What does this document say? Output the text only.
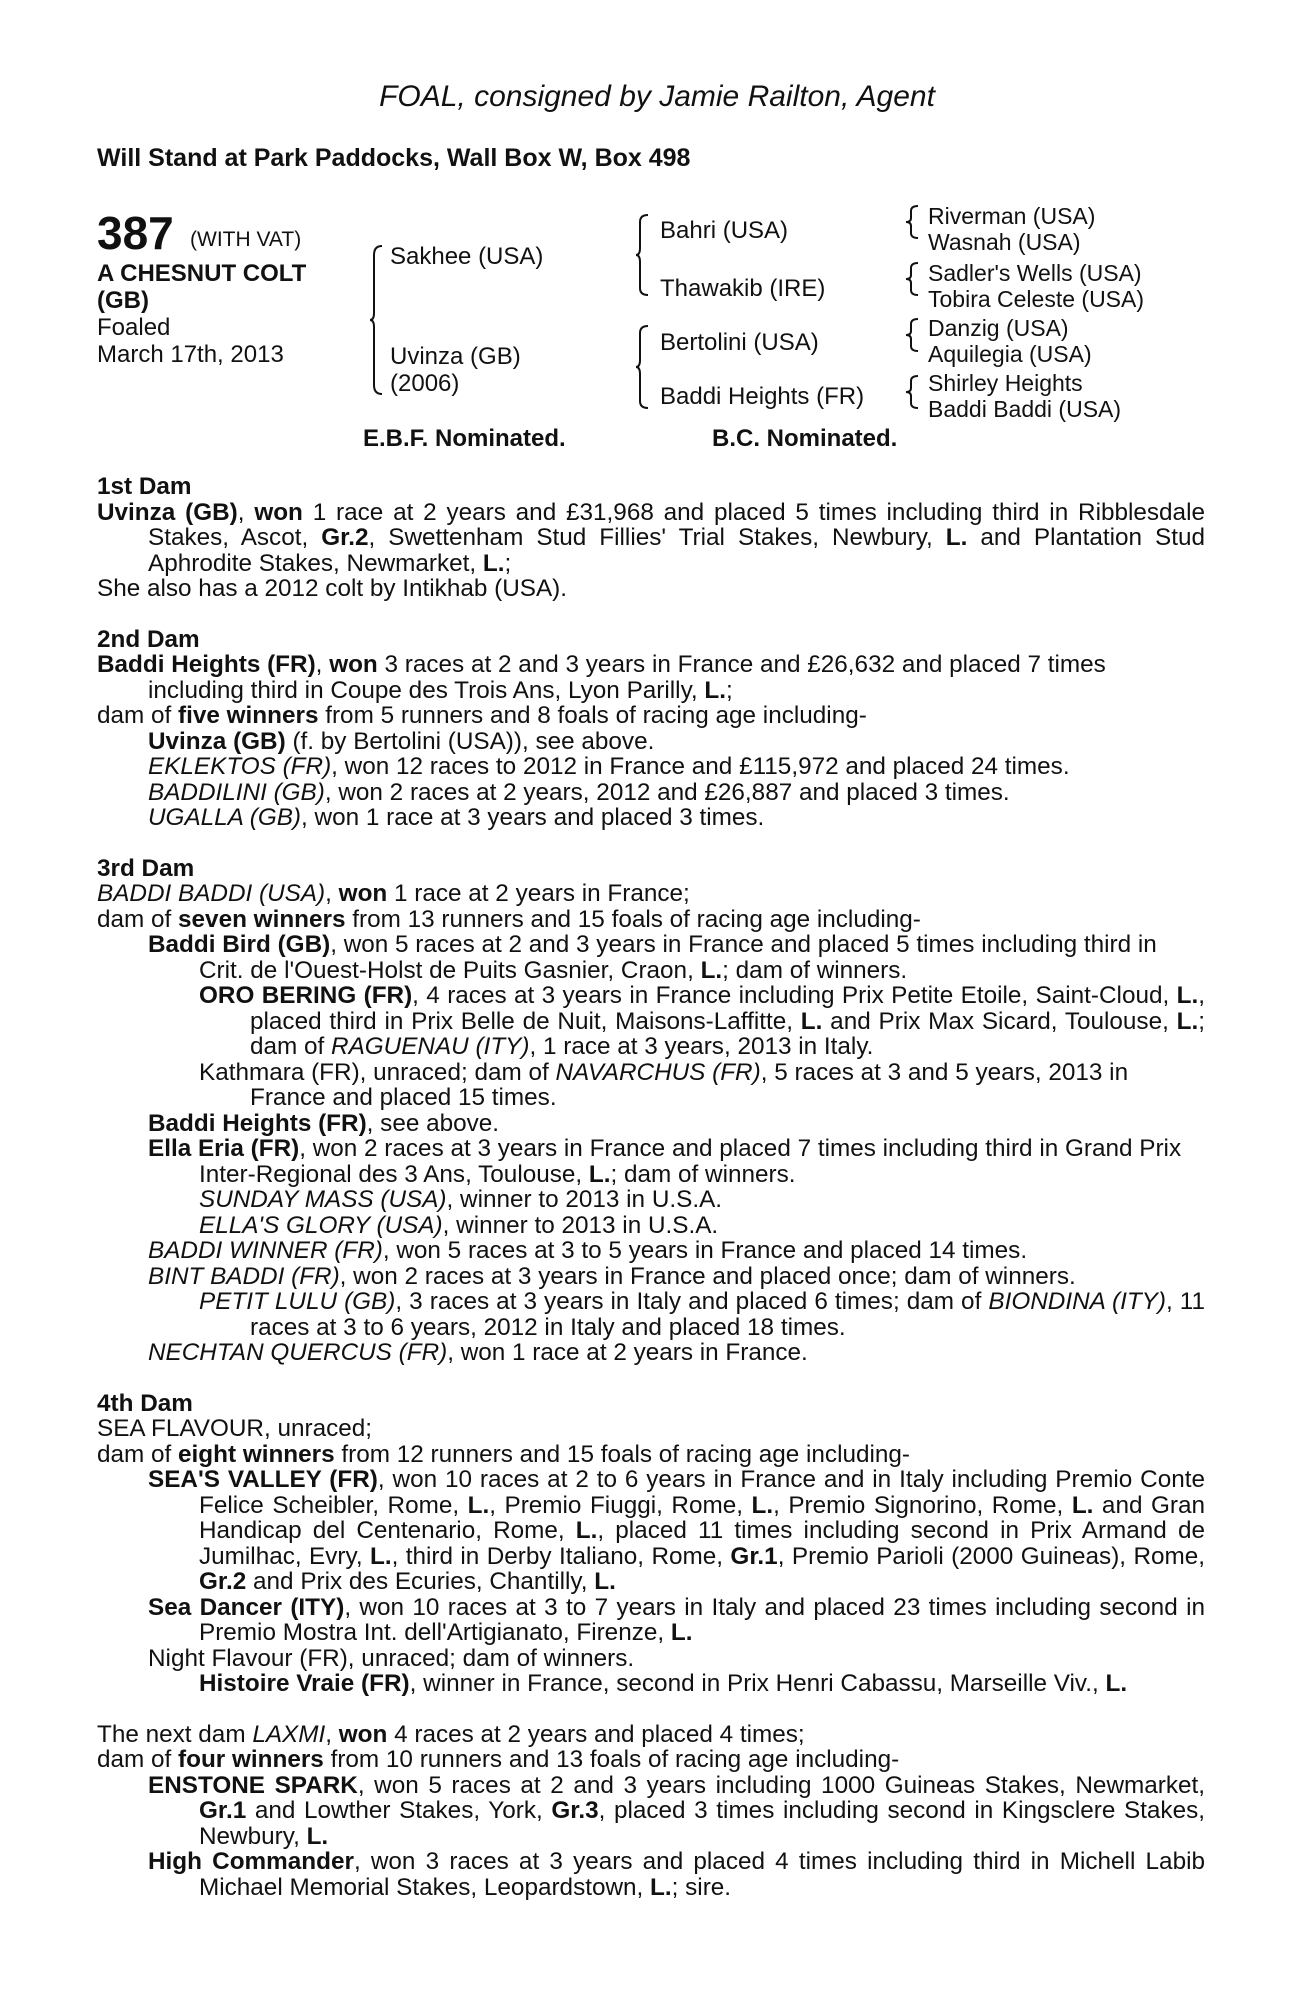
FOAL, consigned by Jamie Railton, Agent
Will Stand at Park Paddocks, Wall Box W, Box 498
387 (WITH VAT)
A CHESNUT COLT
(GB)
Foaled
March 17th, 2013
Sakhee (USA)
Uvinza (GB)
(2006)
Bahri (USA)
Thawakib (IRE)
Bertolini (USA)
Baddi Heights (FR)
Riverman (USA)
Wasnah (USA)
Sadler's Wells (USA)
Tobira Celeste (USA)
Danzig (USA)
Aquilegia (USA)
Shirley Heights
Baddi Baddi (USA)
E.B.F. Nominated.	B.C. Nominated.
1st Dam

Uvinza (GB), won 1 race at 2 years and £31,968 and placed 5 times including third in Ribblesdale Stakes, Ascot, Gr.2, Swettenham Stud Fillies' Trial Stakes, Newbury, L. and Plantation Stud Aphrodite Stakes, Newmarket, L.;

She also has a 2012 colt by Intikhab (USA).

2nd Dam

Baddi Heights (FR), won 3 races at 2 and 3 years in France and £26,632 and placed 7 times including third in Coupe des Trois Ans, Lyon Parilly, L.;

dam of five winners from 5 runners and 8 foals of racing age including-

Uvinza (GB) (f. by Bertolini (USA)), see above.

EKLEKTOS (FR), won 12 races to 2012 in France and £115,972 and placed 24 times.

BADDILINI (GB), won 2 races at 2 years, 2012 and £26,887 and placed 3 times.

UGALLA (GB), won 1 race at 3 years and placed 3 times.

3rd Dam

BADDI BADDI (USA), won 1 race at 2 years in France;

dam of seven winners from 13 runners and 15 foals of racing age including-

Baddi Bird (GB), won 5 races at 2 and 3 years in France and placed 5 times including third in Crit. de l'Ouest-Holst de Puits Gasnier, Craon, L.; dam of winners.

ORO BERING (FR), 4 races at 3 years in France including Prix Petite Etoile, Saint-Cloud, L., placed third in Prix Belle de Nuit, Maisons-Laffitte, L. and Prix Max Sicard, Toulouse, L.; dam of RAGUENAU (ITY), 1 race at 3 years, 2013 in Italy.

Kathmara (FR), unraced; dam of NAVARCHUS (FR), 5 races at 3 and 5 years, 2013 in France and placed 15 times.

Baddi Heights (FR), see above.

Ella Eria (FR), won 2 races at 3 years in France and placed 7 times including third in Grand Prix Inter-Regional des 3 Ans, Toulouse, L.; dam of winners.

SUNDAY MASS (USA), winner to 2013 in U.S.A.

ELLA'S GLORY (USA), winner to 2013 in U.S.A.

BADDI WINNER (FR), won 5 races at 3 to 5 years in France and placed 14 times.

BINT BADDI (FR), won 2 races at 3 years in France and placed once; dam of winners.

PETIT LULU (GB), 3 races at 3 years in Italy and placed 6 times; dam of BIONDINA (ITY), 11 races at 3 to 6 years, 2012 in Italy and placed 18 times.

NECHTAN QUERCUS (FR), won 1 race at 2 years in France.

4th Dam

SEA FLAVOUR, unraced;

dam of eight winners from 12 runners and 15 foals of racing age including-

SEA'S VALLEY (FR), won 10 races at 2 to 6 years in France and in Italy including Premio Conte Felice Scheibler, Rome, L., Premio Fiuggi, Rome, L., Premio Signorino, Rome, L. and Gran Handicap del Centenario, Rome, L., placed 11 times including second in Prix Armand de Jumilhac, Evry, L., third in Derby Italiano, Rome, Gr.1, Premio Parioli (2000 Guineas), Rome, Gr.2 and Prix des Ecuries, Chantilly, L.

Sea Dancer (ITY), won 10 races at 3 to 7 years in Italy and placed 23 times including second in Premio Mostra Int. dell'Artigianato, Firenze, L.

Night Flavour (FR), unraced; dam of winners.

Histoire Vraie (FR), winner in France, second in Prix Henri Cabassu, Marseille Viv., L.

The next dam LAXMI, won 4 races at 2 years and placed 4 times;

dam of four winners from 10 runners and 13 foals of racing age including-

ENSTONE SPARK, won 5 races at 2 and 3 years including 1000 Guineas Stakes, Newmarket, Gr.1 and Lowther Stakes, York, Gr.3, placed 3 times including second in Kingsclere Stakes, Newbury, L.

High Commander, won 3 races at 3 years and placed 4 times including third in Michell Labib Michael Memorial Stakes, Leopardstown, L.; sire.
